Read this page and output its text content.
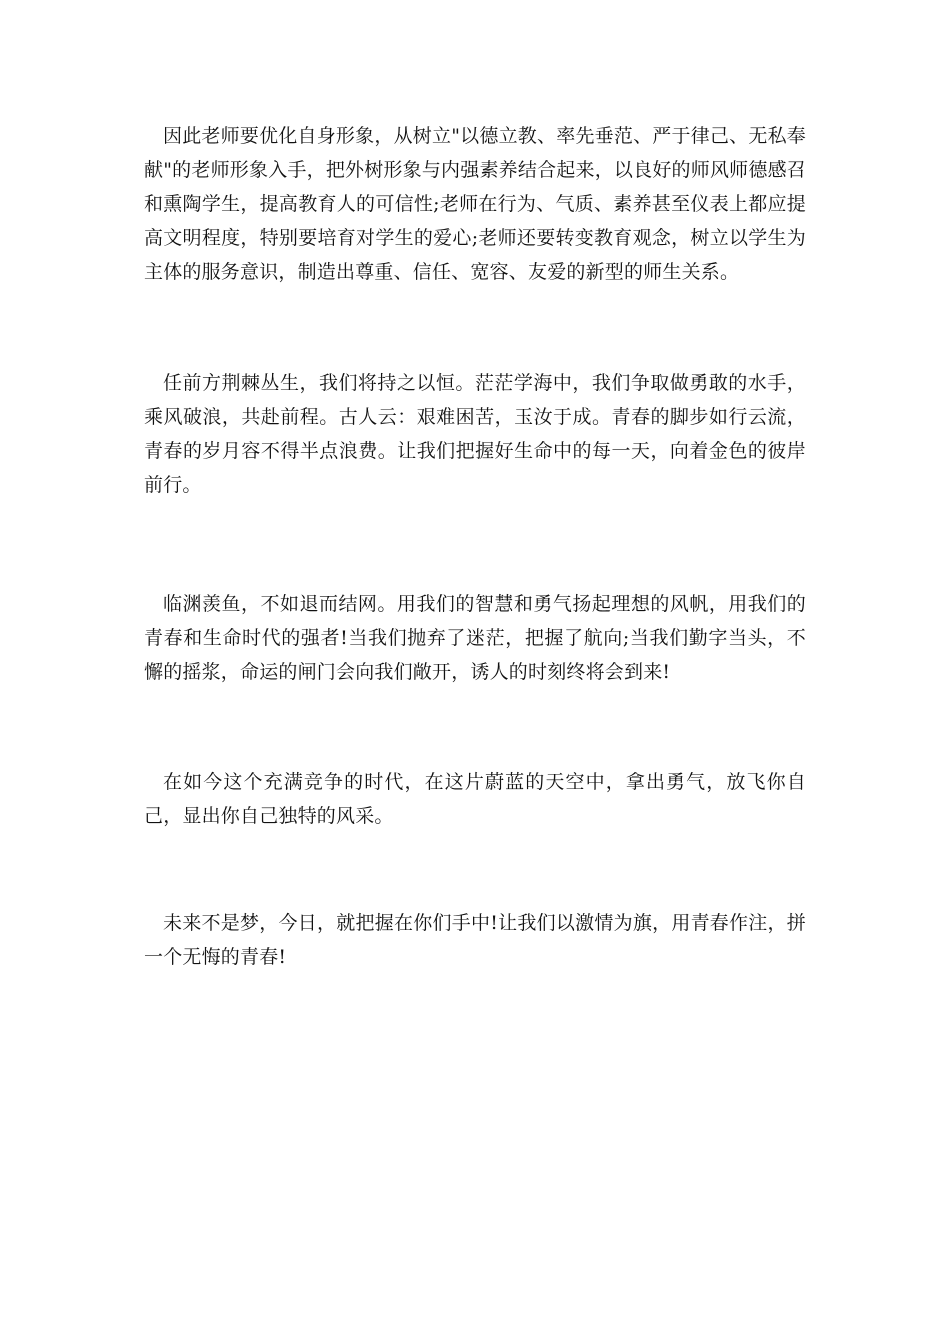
因此老师要优化自身形象，从树立"以德立教、率先垂范、严于律己、无私奉献"的老师形象入手，把外树形象与内强素养结合起来，以良好的师风师德感召和熏陶学生，提高教育人的可信性;老师在行为、气质、素养甚至仪表上都应提高文明程度，特别要培育对学生的爱心;老师还要转变教育观念，树立以学生为主体的服务意识，制造出尊重、信任、宽容、友爱的新型的师生关系。

任前方荆棘丛生，我们将持之以恒。茫茫学海中，我们争取做勇敢的水手，乘风破浪，共赴前程。古人云：艰难困苦，玉汝于成。青春的脚步如行云流，青春的岁月容不得半点浪费。让我们把握好生命中的每一天，向着金色的彼岸前行。

临渊羡鱼，不如退而结网。用我们的智慧和勇气扬起理想的风帆，用我们的青春和生命时代的强者!当我们抛弃了迷茫，把握了航向;当我们勤字当头，不懈的摇浆，命运的闸门会向我们敞开，诱人的时刻终将会到来!

在如今这个充满竞争的时代，在这片蔚蓝的天空中，拿出勇气，放飞你自己，显出你自己独特的风采。

未来不是梦，今日，就把握在你们手中!让我们以激情为旗，用青春作注，拼一个无悔的青春!
